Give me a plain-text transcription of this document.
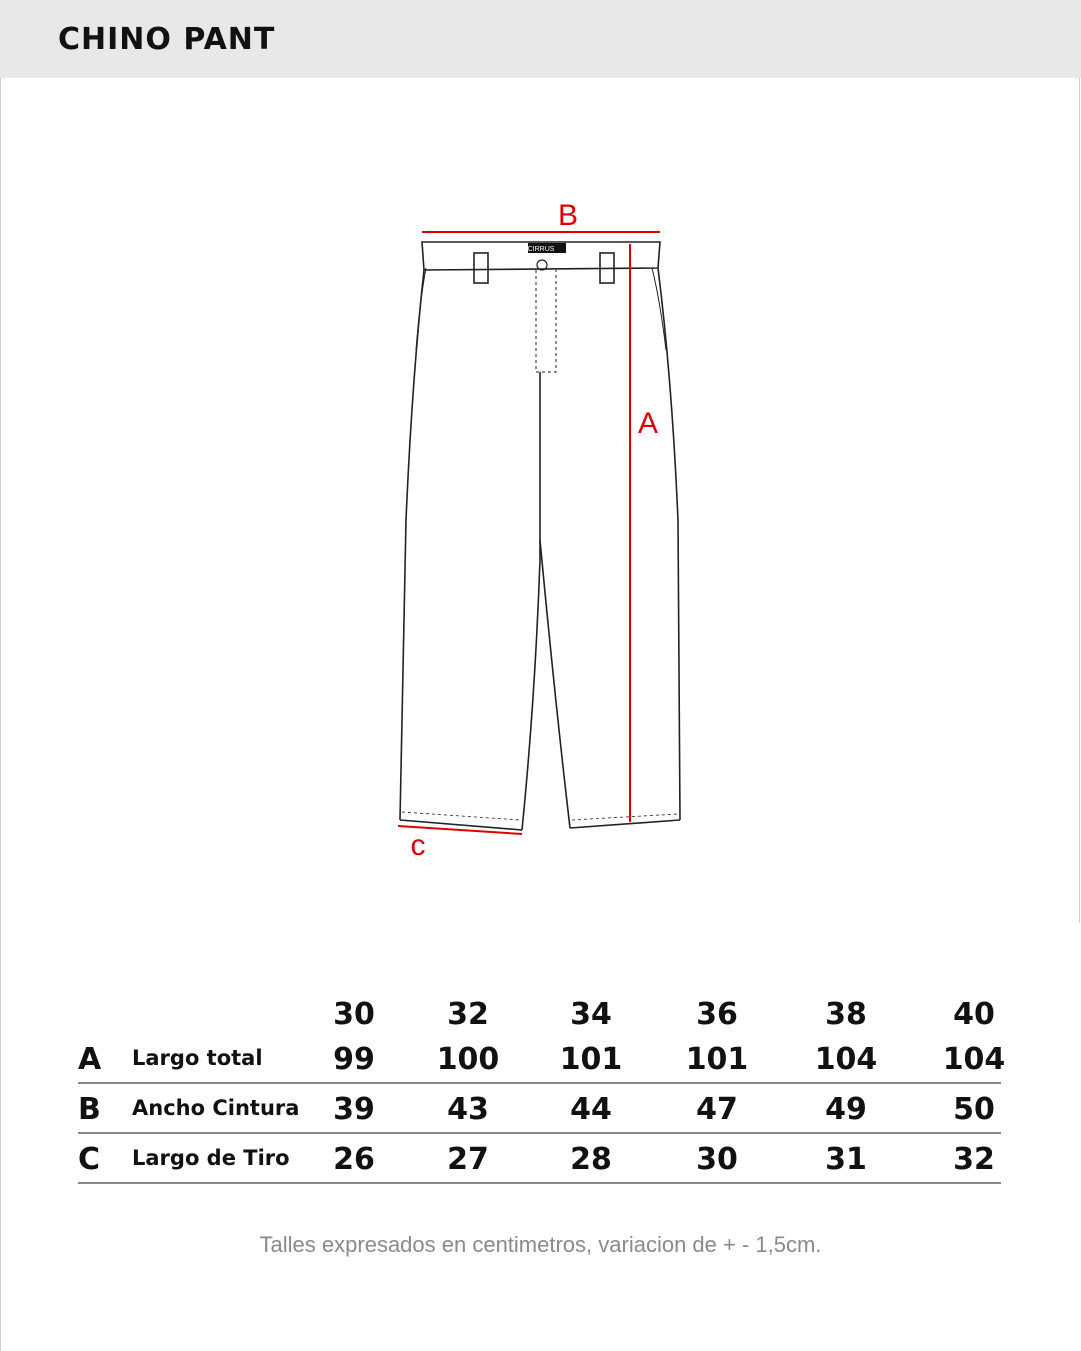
CHINO PANT
CIRRUS
B
A
c
30	32	34	36	38	40
A Largo total	99	100 101 101 104 104
B Ancho Cintura	39	43	44	47	49	50
C Largo de Tiro	26	27	28	30	31	32
Talles expresados en centimetros, variacion de + - 1,5cm.
